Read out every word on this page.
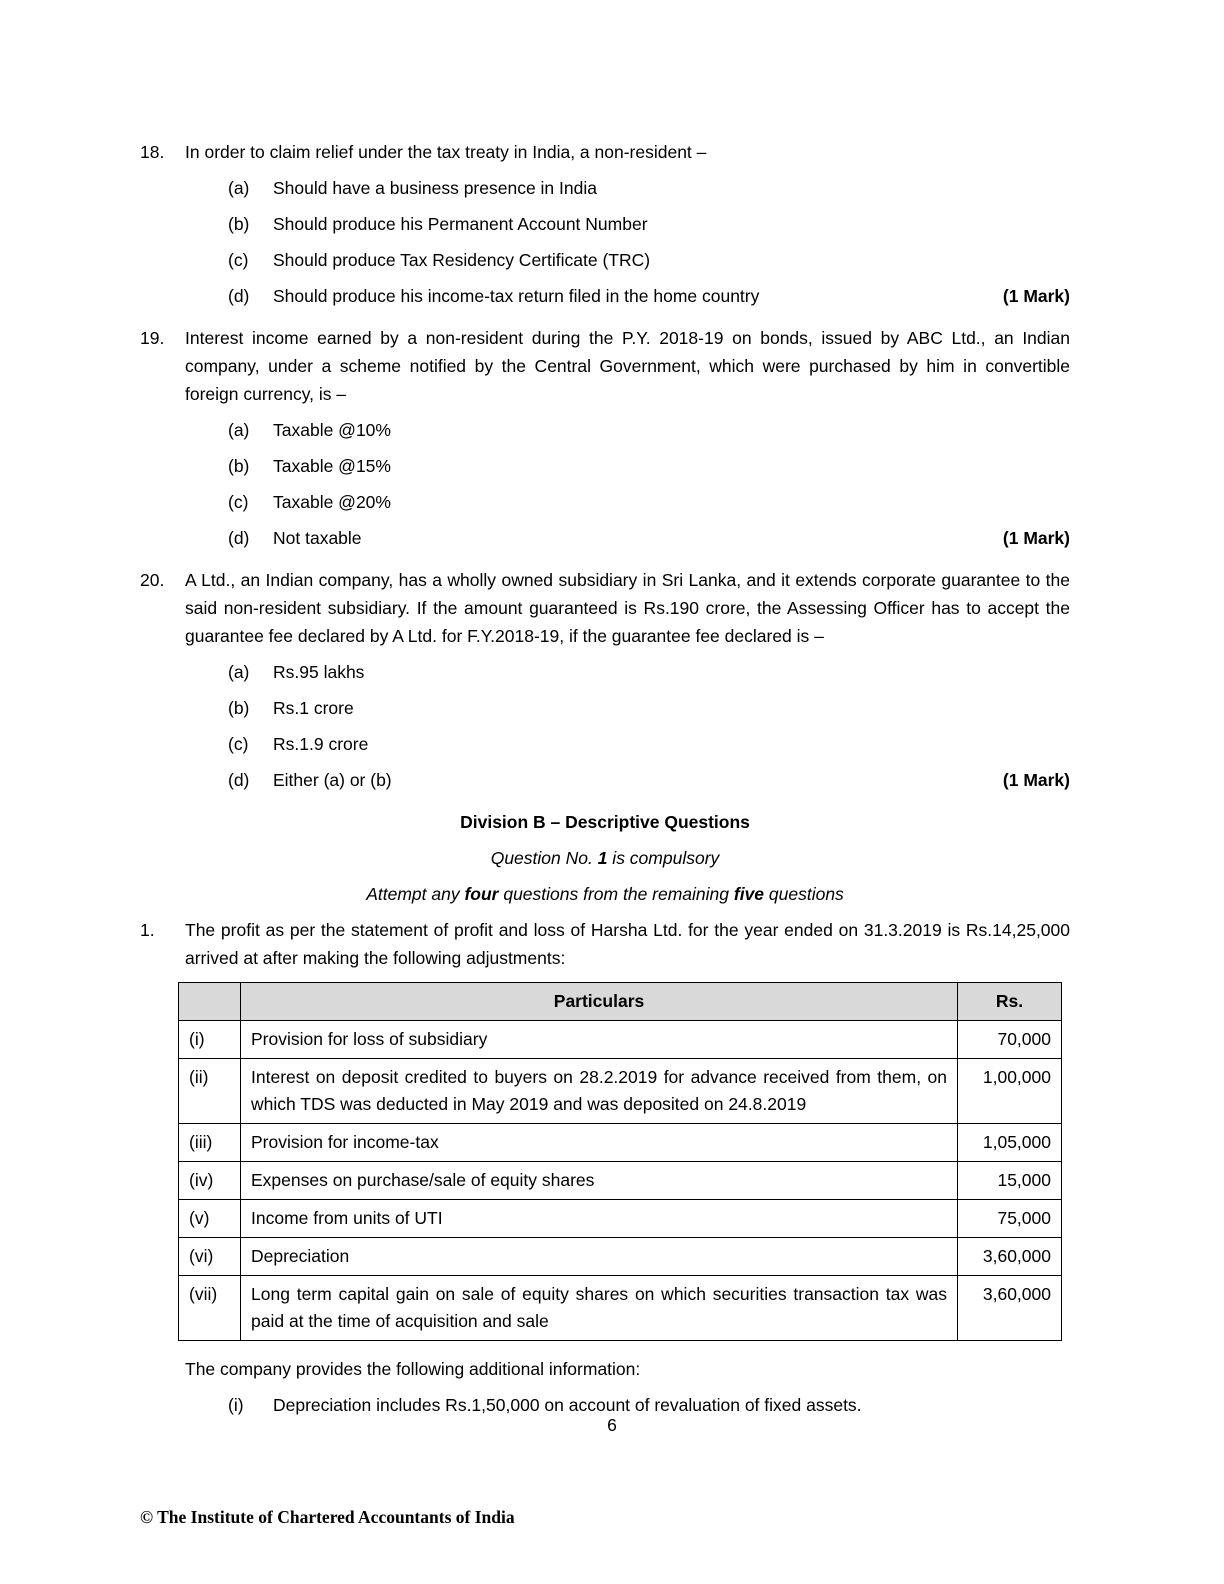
18.	In order to claim relief under the tax treaty in India, a non-resident –
(a)	Should have a business presence in India
(b)	Should produce his Permanent Account Number
(c)	Should produce Tax Residency Certificate (TRC)
(d)	Should produce his income-tax return filed in the home country	(1 Mark)
19.	Interest income earned by a non-resident during the P.Y. 2018-19 on bonds, issued by ABC Ltd., an Indian company, under a scheme notified by the Central Government, which were purchased by him in convertible foreign currency, is –
(a)	Taxable @10%
(b)	Taxable @15%
(c)	Taxable @20%
(d)	Not taxable	(1 Mark)
20.	A Ltd., an Indian company, has a wholly owned subsidiary in Sri Lanka, and it extends corporate guarantee to the said non-resident subsidiary. If the amount guaranteed is Rs.190 crore, the Assessing Officer has to accept the guarantee fee declared by A Ltd. for F.Y.2018-19, if the guarantee fee declared is –
(a)	Rs.95 lakhs
(b)	Rs.1 crore
(c)	Rs.1.9 crore
(d)	Either (a) or (b)	(1 Mark)
Division B – Descriptive Questions
Question No. 1 is compulsory
Attempt any four questions from the remaining five questions
1.	The profit as per the statement of profit and loss of Harsha Ltd. for the year ended on 31.3.2019 is Rs.14,25,000 arrived at after making the following adjustments:
	Particulars	Rs.
(i)	Provision for loss of subsidiary	70,000
(ii)	Interest on deposit credited to buyers on 28.2.2019 for advance received from them, on which TDS was deducted in May 2019 and was deposited on 24.8.2019	1,00,000
(iii)	Provision for income-tax	1,05,000
(iv)	Expenses on purchase/sale of equity shares	15,000
(v)	Income from units of UTI	75,000
(vi)	Depreciation	3,60,000
(vii)	Long term capital gain on sale of equity shares on which securities transaction tax was paid at the time of acquisition and sale	3,60,000
The company provides the following additional information:
(i)	Depreciation includes Rs.1,50,000 on account of revaluation of fixed assets.
6
© The Institute of Chartered Accountants of India
